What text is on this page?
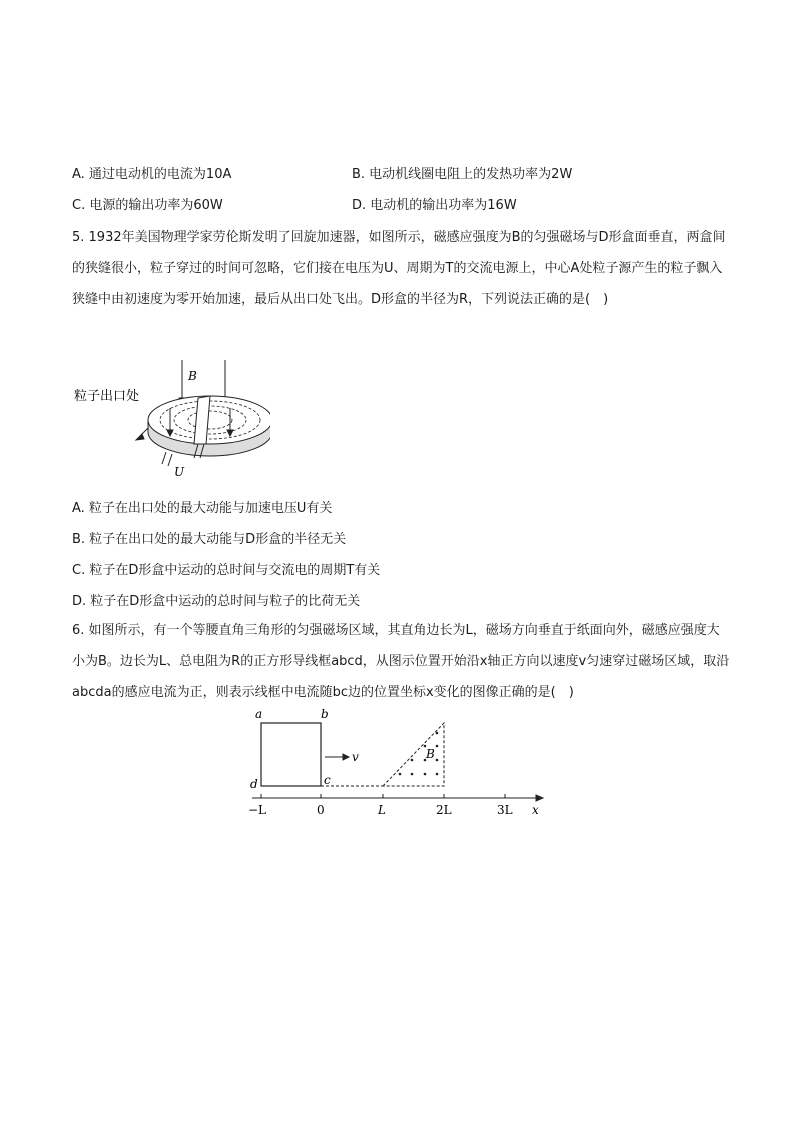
A. 通过电动机的电流为10A	B. 电动机线圈电阻上的发热功率为2W
C. 电源的输出功率为60W	D. 电动机的输出功率为16W
5. 1932年美国物理学家劳伦斯发明了回旋加速器，如图所示，磁感应强度为B的匀强磁场与D形盒面垂直，两盒间的狭缝很小，粒子穿过的时间可忽略，它们接在电压为U、周期为T的交流电源上，中心A处粒子源产生的粒子飘入狭缝中由初速度为零开始加速，最后从出口处飞出。D形盒的半径为R，下列说法正确的是(　)
粒子出口处
B
U
A. 粒子在出口处的最大动能与加速电压U有关
B. 粒子在出口处的最大动能与D形盒的半径无关
C. 粒子在D形盒中运动的总时间与交流电的周期T有关
D. 粒子在D形盒中运动的总时间与粒子的比荷无关
6. 如图所示，有一个等腰直角三角形的匀强磁场区域，其直角边长为L，磁场方向垂直于纸面向外，磁感应强度大小为B。边长为L、总电阻为R的正方形导线框abcd，从图示位置开始沿x轴正方向以速度v匀速穿过磁场区域，取沿abcda的感应电流为正，则表示线框中电流随bc边的位置坐标x变化的图像正确的是(　)
a	b
c
d
v	B
−L	0	L	2L	3L x
